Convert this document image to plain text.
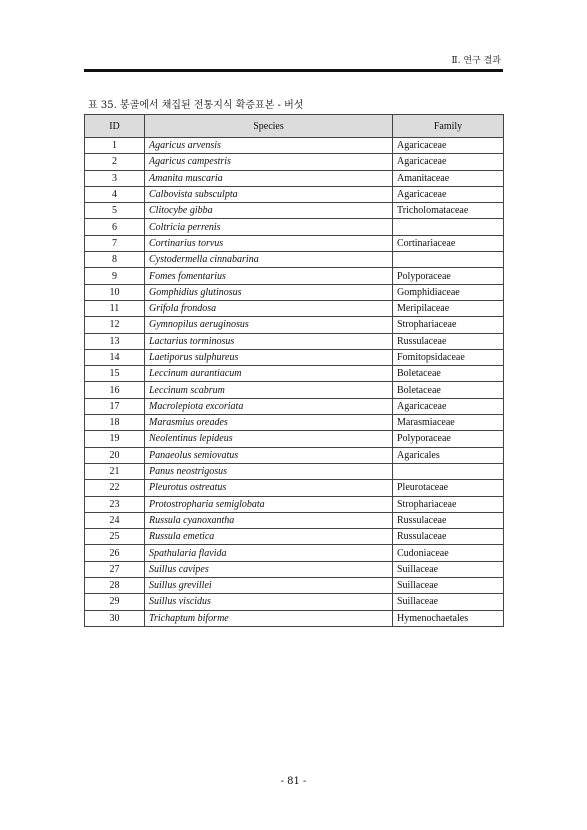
Ⅱ. 연구 결과
표 35. 봉골에서 채집된 전통지식 확증표본 - 버섯
ID	Species	Family
1	Agaricus arvensis	Agaricaceae
2	Agaricus campestris	Agaricaceae
3	Amanita muscaria	Amanitaceae
4	Calbovista subsculpta	Agaricaceae
5	Clitocybe gibba	Tricholomataceae
6	Coltricia perrenis	
7	Cortinarius torvus	Cortinariaceae
8	Cystodermella cinnabarina	
9	Fomes fomentarius	Polyporaceae
10	Gomphidius glutinosus	Gomphidiaceae
11	Grifola frondosa	Meripilaceae
12	Gymnopilus aeruginosus	Strophariaceae
13	Lactarius torminosus	Russulaceae
14	Laetiporus sulphureus	Fomitopsidaceae
15	Leccinum aurantiacum	Boletaceae
16	Leccinum scabrum	Boletaceae
17	Macrolepiota excoriata	Agaricaceae
18	Marasmius oreades	Marasmiaceae
19	Neolentinus lepideus	Polyporaceae
20	Panaeolus semiovatus	Agaricales
21	Panus neostrigosus	
22	Pleurotus ostreatus	Pleurotaceae
23	Protostropharia semiglobata	Strophariaceae
24	Russula cyanoxantha	Russulaceae
25	Russula emetica	Russulaceae
26	Spathularia flavida	Cudoniaceae
27	Suillus cavipes	Suillaceae
28	Suillus grevillei	Suillaceae
29	Suillus viscidus	Suillaceae
30	Trichaptum biforme	Hymenochaetales
- 81 -
